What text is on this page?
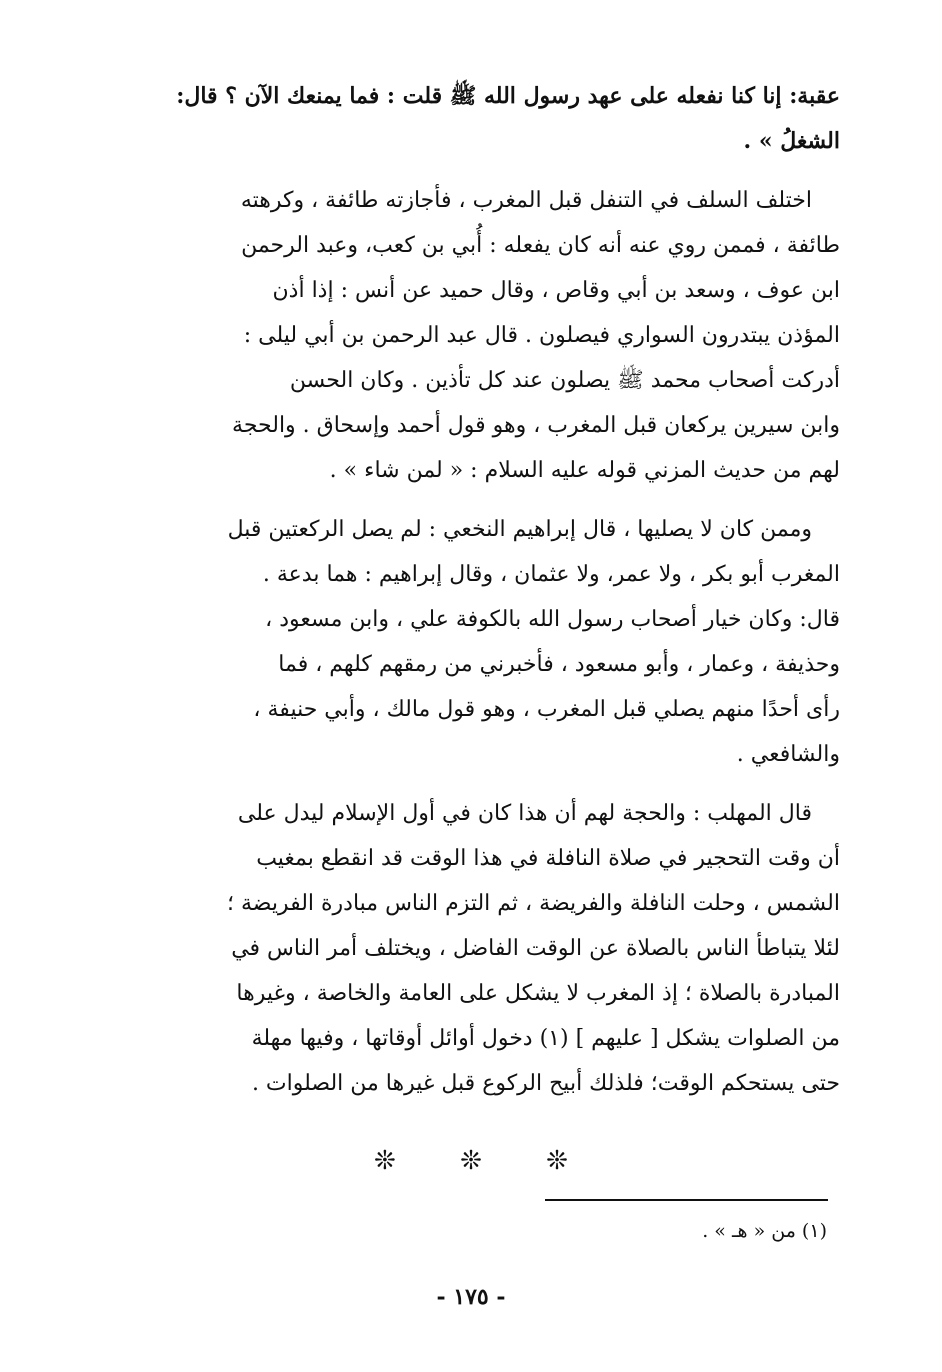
عقبة: إنا كنا نفعله على عهد رسول الله ﷺ قلت : فما يمنعك الآن ؟ قال:
الشغلُ » .
اختلف السلف في التنفل قبل المغرب ، فأجازته طائفة ، وكرهته
طائفة ، فممن روي عنه أنه كان يفعله : أُبي بن كعب، وعبد الرحمن
ابن عوف ، وسعد بن أبي وقاص ، وقال حميد عن أنس : إذا أذن
المؤذن يبتدرون السواري فيصلون . قال عبد الرحمن بن أبي ليلى :
أدركت أصحاب محمد ﷺ يصلون عند كل تأذين . وكان الحسن
وابن سيرين يركعان قبل المغرب ، وهو قول أحمد وإسحاق . والحجة
لهم من حديث المزني قوله عليه السلام : « لمن شاء » .
وممن كان لا يصليها ، قال إبراهيم النخعي : لم يصل الركعتين قبل
المغرب أبو بكر ، ولا عمر، ولا عثمان ، وقال إبراهيم : هما بدعة .
قال: وكان خيار أصحاب رسول الله بالكوفة علي ، وابن مسعود ،
وحذيفة ، وعمار ، وأبو مسعود ، فأخبرني من رمقهم كلهم ، فما
رأى أحدًا منهم يصلي قبل المغرب ، وهو قول مالك ، وأبي حنيفة ،
والشافعي .
قال المهلب : والحجة لهم أن هذا كان في أول الإسلام ليدل على
أن وقت التحجير في صلاة النافلة في هذا الوقت قد انقطع بمغيب
الشمس ، وحلت النافلة والفريضة ، ثم التزم الناس مبادرة الفريضة ؛
لئلا يتباطأ الناس بالصلاة عن الوقت الفاضل ، ويختلف أمر الناس في
المبادرة بالصلاة ؛ إذ المغرب لا يشكل على العامة والخاصة ، وغيرها
من الصلوات يشكل [ عليهم ] (١) دخول أوائل أوقاتها ، وفيها مهلة
حتى يستحكم الوقت؛ فلذلك أبيح الركوع قبل غيرها من الصلوات .
❊ ❊ ❊
(١) من « هـ » .
- ١٧٥ -
